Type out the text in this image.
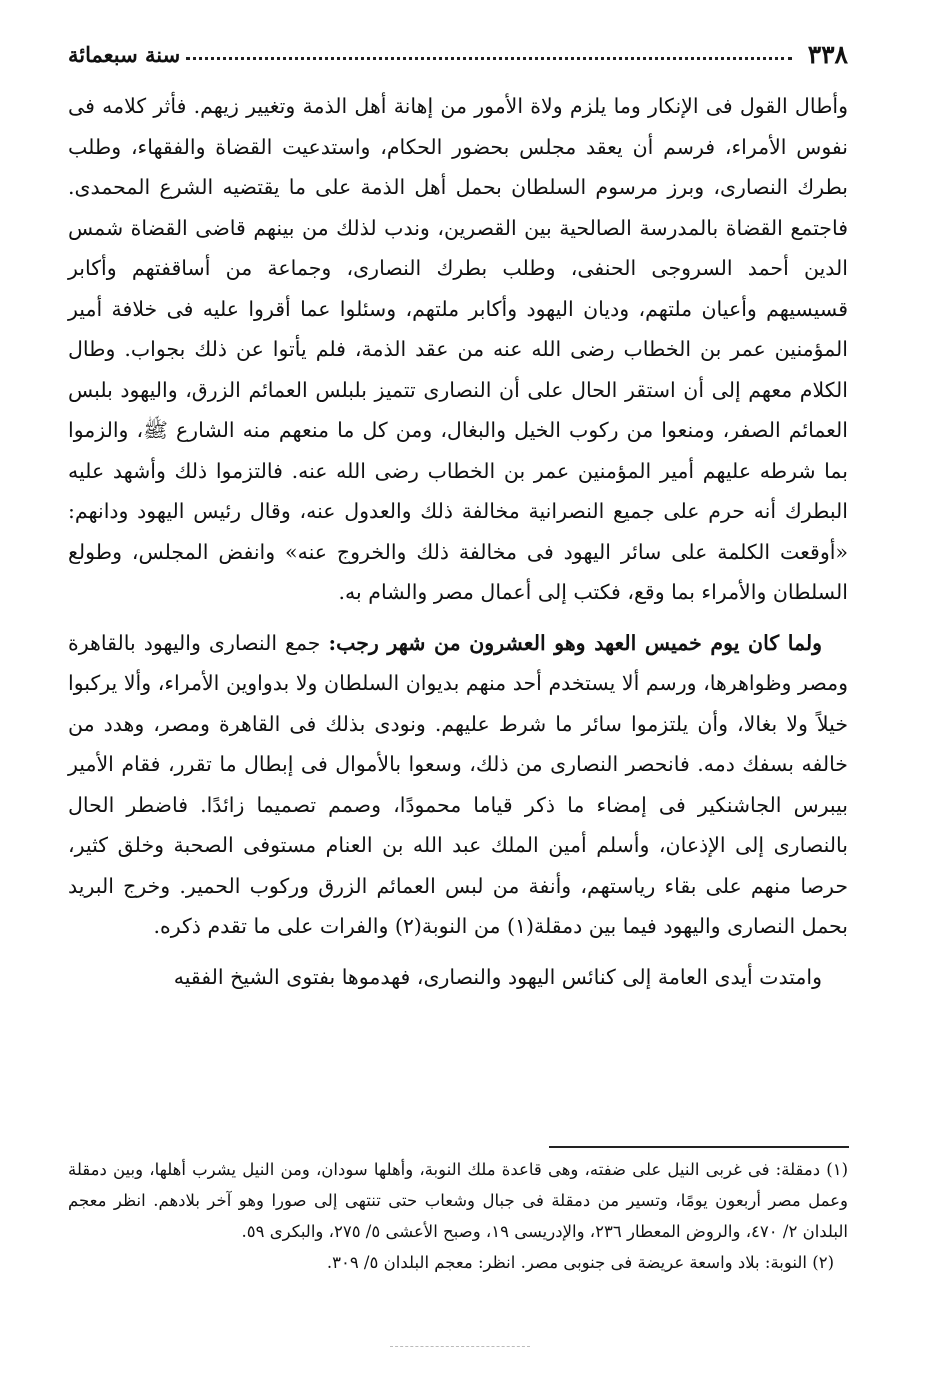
٣٣٨
سنة سبعمائة

وأطال القول فى الإنكار وما يلزم ولاة الأمور من إهانة أهل الذمة وتغيير زيهم. فأثر كلامه فى نفوس الأمراء، فرسم أن يعقد مجلس بحضور الحكام، واستدعيت القضاة والفقهاء، وطلب بطرك النصارى، وبرز مرسوم السلطان بحمل أهل الذمة على ما يقتضيه الشرع المحمدى. فاجتمع القضاة بالمدرسة الصالحية بين القصرين، وندب لذلك من بينهم قاضى القضاة شمس الدين أحمد السروجى الحنفى، وطلب بطرك النصارى، وجماعة من أساقفتهم وأكابر قسيسيهم وأعيان ملتهم، وديان اليهود وأكابر ملتهم، وسئلوا عما أقروا عليه فى خلافة أمير المؤمنين عمر بن الخطاب رضى الله عنه من عقد الذمة، فلم يأتوا عن ذلك بجواب. وطال الكلام معهم إلى أن استقر الحال على أن النصارى تتميز بلبلس العمائم الزرق، واليهود بلبس العمائم الصفر، ومنعوا من ركوب الخيل والبغال، ومن كل ما منعهم منه الشارع ﷺ، والزموا بما شرطه عليهم أمير المؤمنين عمر بن الخطاب رضى الله عنه. فالتزموا ذلك وأشهد عليه البطرك أنه حرم على جميع النصرانية مخالفة ذلك والعدول عنه، وقال رئيس اليهود ودانهم: «أوقعت الكلمة على سائر اليهود فى مخالفة ذلك والخروج عنه» وانفض المجلس، وطولع السلطان والأمراء بما وقع، فكتب إلى أعمال مصر والشام به.

ولما كان يوم خميس العهد وهو العشرون من شهر رجب: جمع النصارى واليهود بالقاهرة ومصر وظواهرها، ورسم ألا يستخدم أحد منهم بديوان السلطان ولا بدواوين الأمراء، وألا يركبوا خيلاً ولا بغالا، وأن يلتزموا سائر ما شرط عليهم. ونودى بذلك فى القاهرة ومصر، وهدد من خالفه بسفك دمه. فانحصر النصارى من ذلك، وسعوا بالأموال فى إبطال ما تقرر، فقام الأمير بيبرس الجاشنكير فى إمضاء ما ذكر قياما محمودًا، وصمم تصميما زائدًا. فاضطر الحال بالنصارى إلى الإذعان، وأسلم أمين الملك عبد الله بن العنام مستوفى الصحبة وخلق كثير، حرصا منهم على بقاء رياستهم، وأنفة من لبس العمائم الزرق وركوب الحمير. وخرج البريد بحمل النصارى واليهود فيما بين دمقلة(١) من النوبة(٢) والفرات على ما تقدم ذكره.

وامتدت أيدى العامة إلى كنائس اليهود والنصارى، فهدموها بفتوى الشيخ الفقيه

(١) دمقلة: فى غربى النيل على ضفته، وهى قاعدة ملك النوبة، وأهلها سودان، ومن النيل يشرب أهلها، وبين دمقلة وعمل مصر أربعون يومًا، وتسير من دمقلة فى جبال وشعاب حتى تنتهى إلى صورا وهو آخر بلادهم. انظر معجم البلدان ٢/ ٤٧٠، والروض المعطار ٢٣٦، والإدريسى ١٩، وصبح الأعشى ٥/ ٢٧٥، والبكرى ٥٩.

(٢) النوبة: بلاد واسعة عريضة فى جنوبى مصر. انظر: معجم البلدان ٥/ ٣٠٩.
